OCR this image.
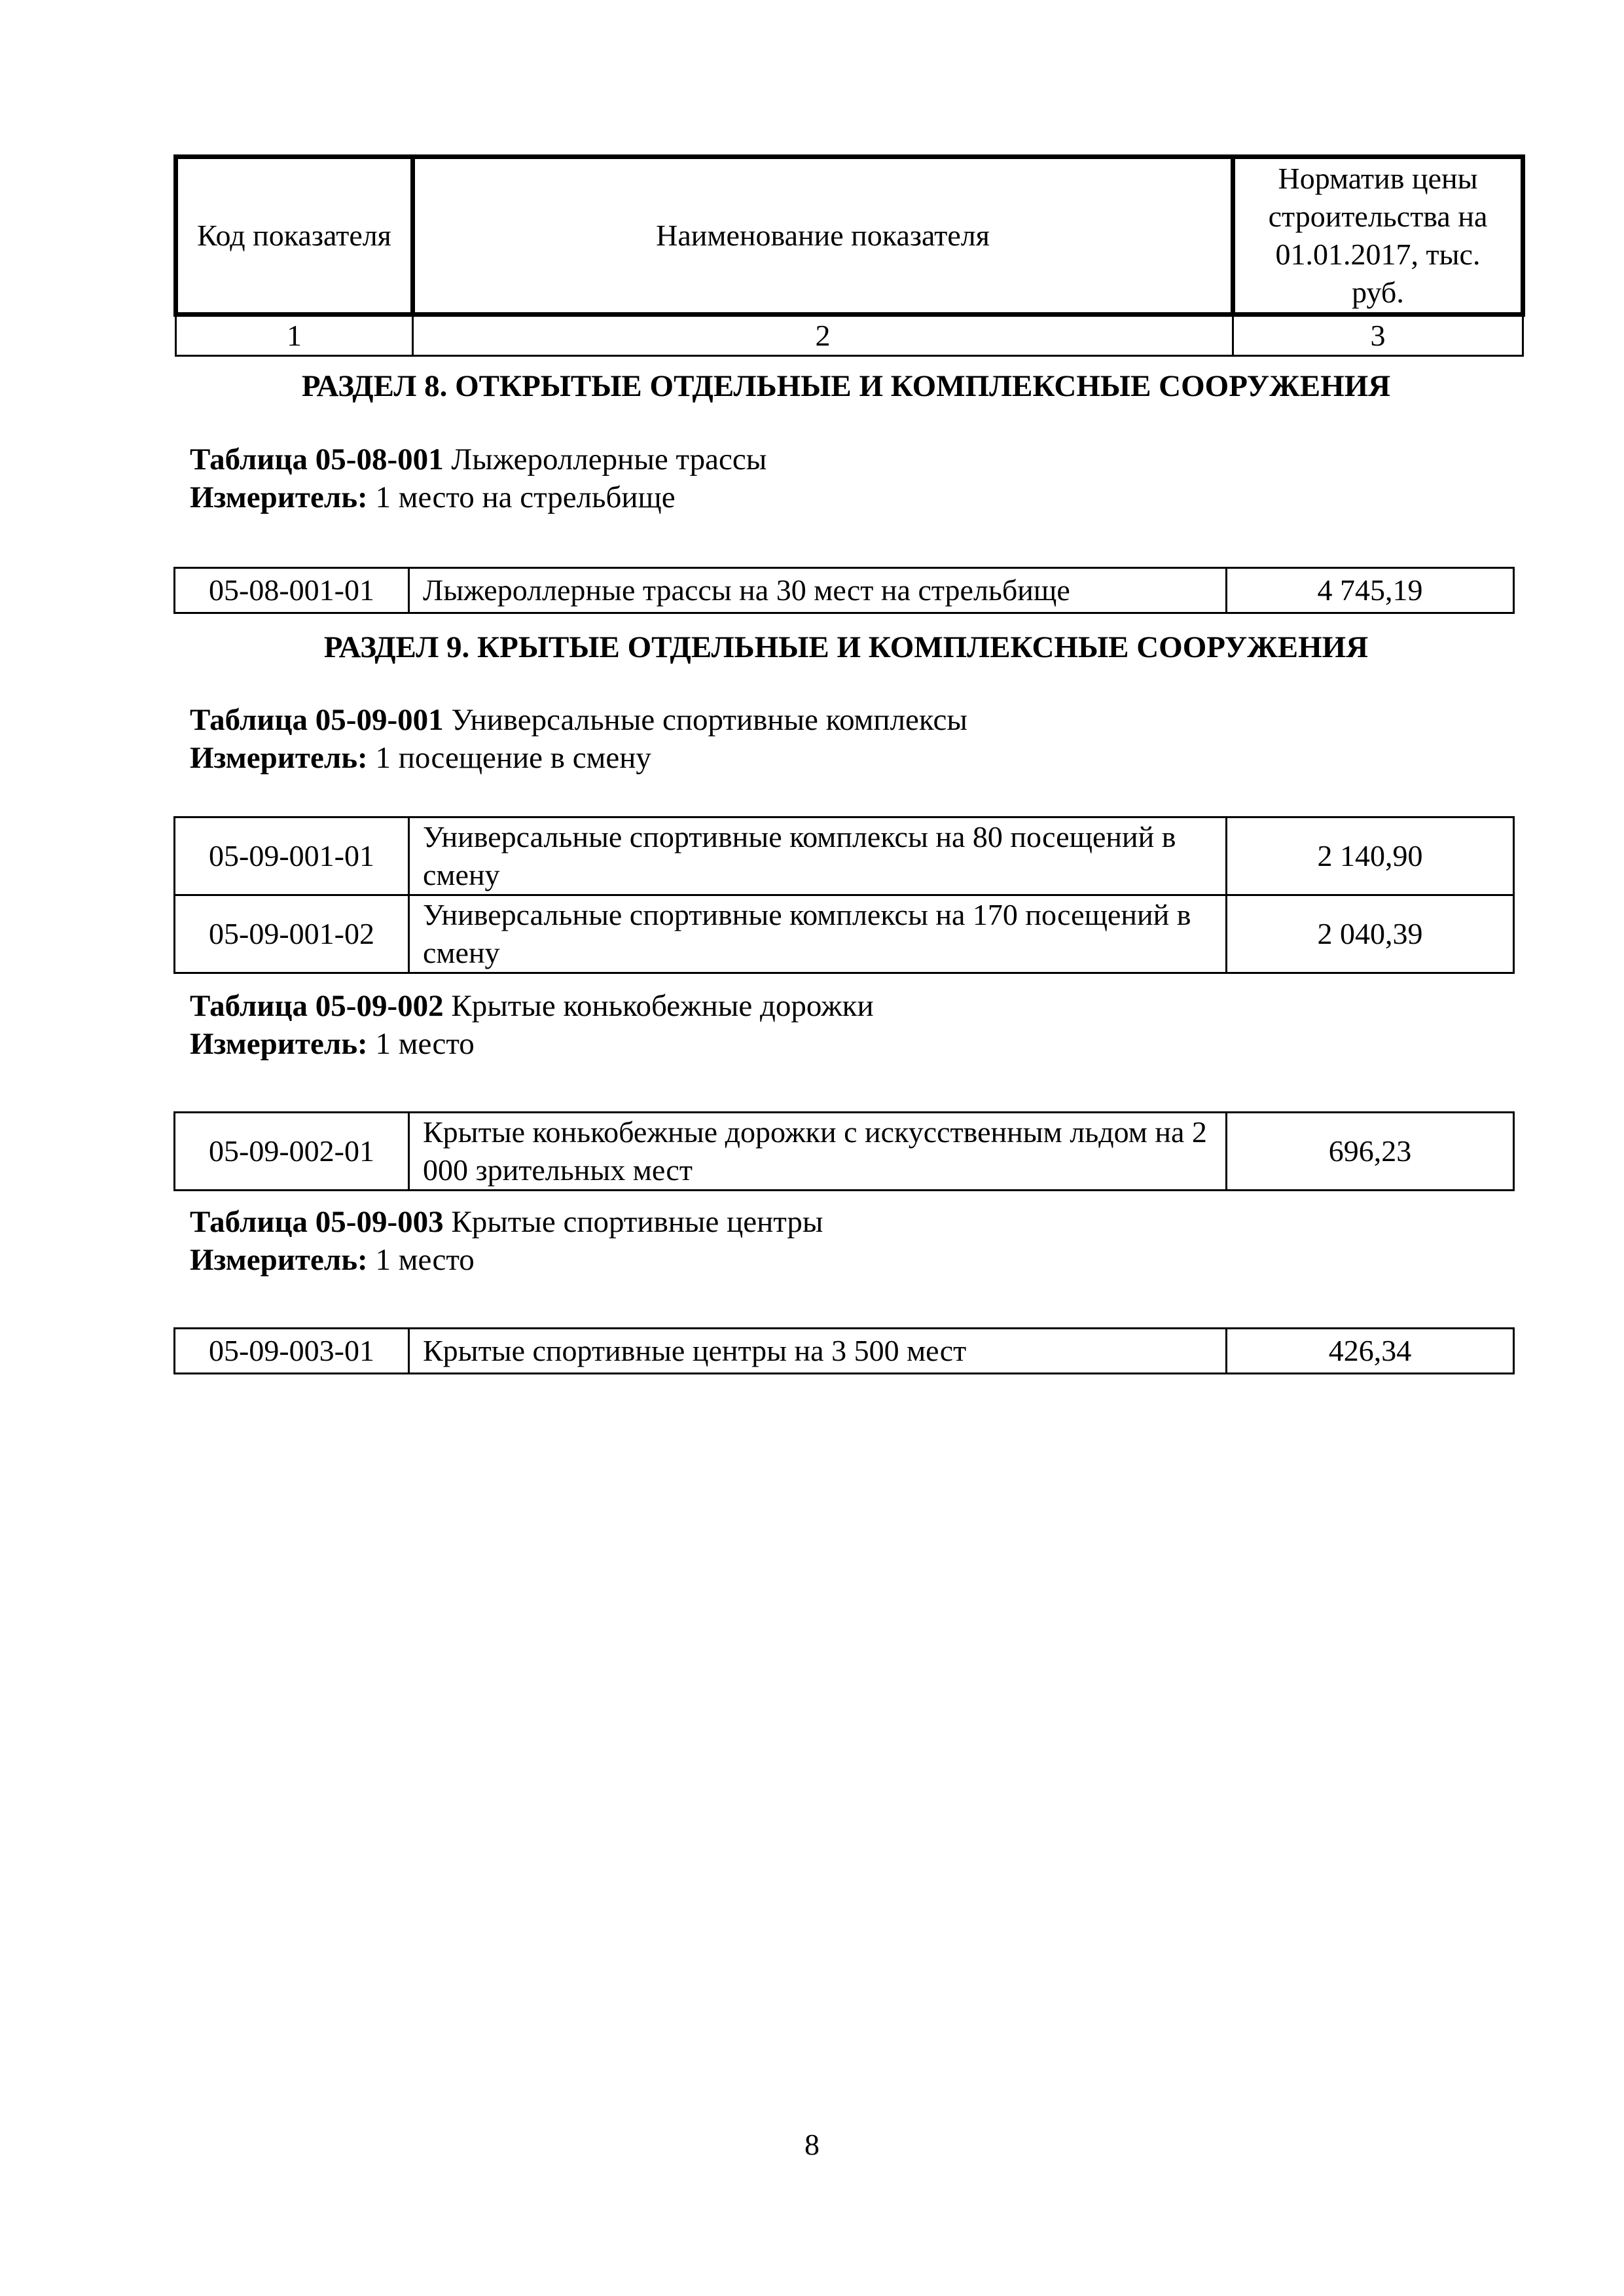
Код показателя	Наименование показателя	Норматив цены строительства на 01.01.2017, тыс. руб.
1	2	3
РАЗДЕЛ 8. ОТКРЫТЫЕ ОТДЕЛЬНЫЕ И КОМПЛЕКСНЫЕ СООРУЖЕНИЯ
Таблица 05-08-001 Лыжероллерные трассы
Измеритель: 1 место на стрельбище
05-08-001-01	Лыжероллерные трассы на 30 мест на стрельбище	4 745,19
РАЗДЕЛ 9. КРЫТЫЕ ОТДЕЛЬНЫЕ И КОМПЛЕКСНЫЕ СООРУЖЕНИЯ
Таблица 05-09-001 Универсальные спортивные комплексы
Измеритель: 1 посещение в смену
05-09-001-01	Универсальные спортивные комплексы на 80 посещений в смену	2 140,90
05-09-001-02	Универсальные спортивные комплексы на 170 посещений в смену	2 040,39
Таблица 05-09-002 Крытые конькобежные дорожки
Измеритель: 1 место
05-09-002-01	Крытые конькобежные дорожки с искусственным льдом на 2 000 зрительных мест	696,23
Таблица 05-09-003 Крытые спортивные центры
Измеритель: 1 место
05-09-003-01	Крытые спортивные центры на 3 500 мест	426,34
8
